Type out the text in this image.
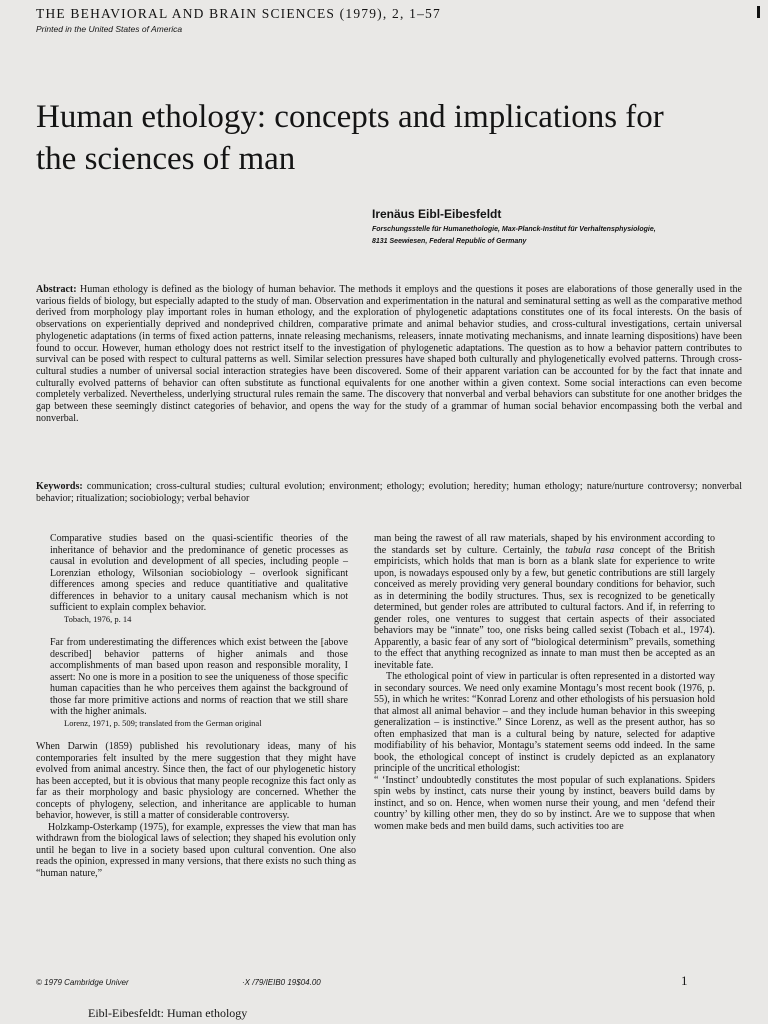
THE BEHAVIORAL AND BRAIN SCIENCES (1979), 2, 1–57
Printed in the United States of America
Human ethology: concepts and implications for the sciences of man
Irenäus Eibl-Eibesfeldt
Forschungsstelle für Humanethologie, Max-Planck-Institut für Verhaltensphysiologie,
8131 Seewiesen, Federal Republic of Germany

Abstract: Human ethology is defined as the biology of human behavior. The methods it employs and the questions it poses are elaborations of those generally used in the various fields of biology, but especially adapted to the study of man. Observation and experimentation in the natural and seminatural setting as well as the comparative method derived from morphology play important roles in human ethology, and the exploration of phylogenetic adaptations constitutes one of its focal interests. On the basis of observations on experientially deprived and nondeprived children, comparative primate and animal behavior studies, and cross-cultural investigations, certain universal phylogenetic adaptations (in terms of fixed action patterns, innate releasing mechanisms, releasers, innate motivating mechanisms, and innate learning dispositions) have been found to occur. However, human ethology does not restrict itself to the investigation of phylogenetic adaptations. The question as to how a behavior pattern contributes to survival can be posed with respect to cultural patterns as well. Similar selection pressures have shaped both culturally and phylogenetically evolved patterns. Through cross-cultural studies a number of universal social interaction strategies have been discovered. Some of their apparent variation can be accounted for by the fact that innate and culturally evolved patterns of behavior can often substitute as functional equivalents for one another within a given context. Some social interactions can even become completely verbalized. Nevertheless, underlying structural rules remain the same. The discovery that nonverbal and verbal behaviors can substitute for one another bridges the gap between these seemingly distinct categories of behavior, and opens the way for the study of a grammar of human social behavior encompassing both the verbal and nonverbal.

Keywords: communication; cross-cultural studies; cultural evolution; environment; ethology; evolution; heredity; human ethology; nature/nurture controversy; nonverbal behavior; ritualization; sociobiology; verbal behavior

Comparative studies based on the quasi-scientific theories of the inheritance of behavior and the predominance of genetic processes as causal in evolution and development of all species, including people – Lorenzian ethology, Wilsonian sociobiology – overlook significant differences among species and reduce quantitiative and qualitative differences in behavior to a unitary causal mechanism which is not sufficient to explain complex behavior.

Tobach, 1976, p. 14

Far from underestimating the differences which exist between the [above described] behavior patterns of higher animals and those accomplishments of man based upon reason and responsible morality, I assert: No one is more in a position to see the uniqueness of those specific human capacities than he who perceives them against the background of those far more primitive actions and norms of reaction that we still share with the higher animals.

Lorenz, 1971, p. 509; translated from the German original

When Darwin (1859) published his revolutionary ideas, many of his contemporaries felt insulted by the mere suggestion that they might have evolved from animal ancestry. Since then, the fact of our phylogenetic history has been accepted, but it is obvious that many people recognize this fact only as far as their morphology and basic physiology are concerned. Whether the concepts of phylogeny, selection, and inheritance are applicable to human behavior, however, is still a matter of considerable controversy.

Holzkamp-Osterkamp (1975), for example, expresses the view that man has withdrawn from the biological laws of selection; they shaped his evolution only until he began to live in a society based upon cultural convention. One also reads the opinion, expressed in many versions, that there exists no such thing as “human nature,”

man being the rawest of all raw materials, shaped by his environment according to the standards set by culture. Certainly, the tabula rasa concept of the British empiricists, which holds that man is born as a blank slate for experience to write upon, is nowadays espoused only by a few, but genetic contributions are still largely conceived as merely providing very general boundary conditions for behavior, such as in determining the bodily structures. Thus, sex is recognized to be genetically determined, but gender roles are attributed to cultural factors. And if, in referring to gender roles, one ventures to suggest that certain aspects of their associated behaviors may be “innate” too, one risks being called sexist (Tobach et al., 1974). Apparently, a basic fear of any sort of “biological determinism” prevails, something to the effect that anything recognized as innate to man must then be accepted as an inevitable fate.

The ethological point of view in particular is often represented in a distorted way in secondary sources. We need only examine Montagu’s most recent book (1976, p. 55), in which he writes: “Konrad Lorenz and other ethologists of his persuasion hold that almost all animal behavior – and they include human behavior in this sweeping generalization – is instinctive.” Since Lorenz, as well as the present author, has so often emphasized that man is a cultural being by nature, selected for adaptive modifiability of his behavior, Montagu’s statement seems odd indeed. In the same book, the ethological concept of instinct is crudely depicted as an explanatory principle of the uncritical ethologist:

“ ‘Instinct’ undoubtedly constitutes the most popular of such explanations. Spiders spin webs by instinct, cats nurse their young by instinct, beavers build dams by instinct, and so on. Hence, when women nurse their young, and men ‘defend their country’ by killing other men, they do so by instinct. Are we to suppose that when women make beds and men build dams, such activities too are

© 1979 Cambridge Univer	·X /79/IEIB0 19$04.00	1
Eibl-Eibesfeldt: Human ethology
